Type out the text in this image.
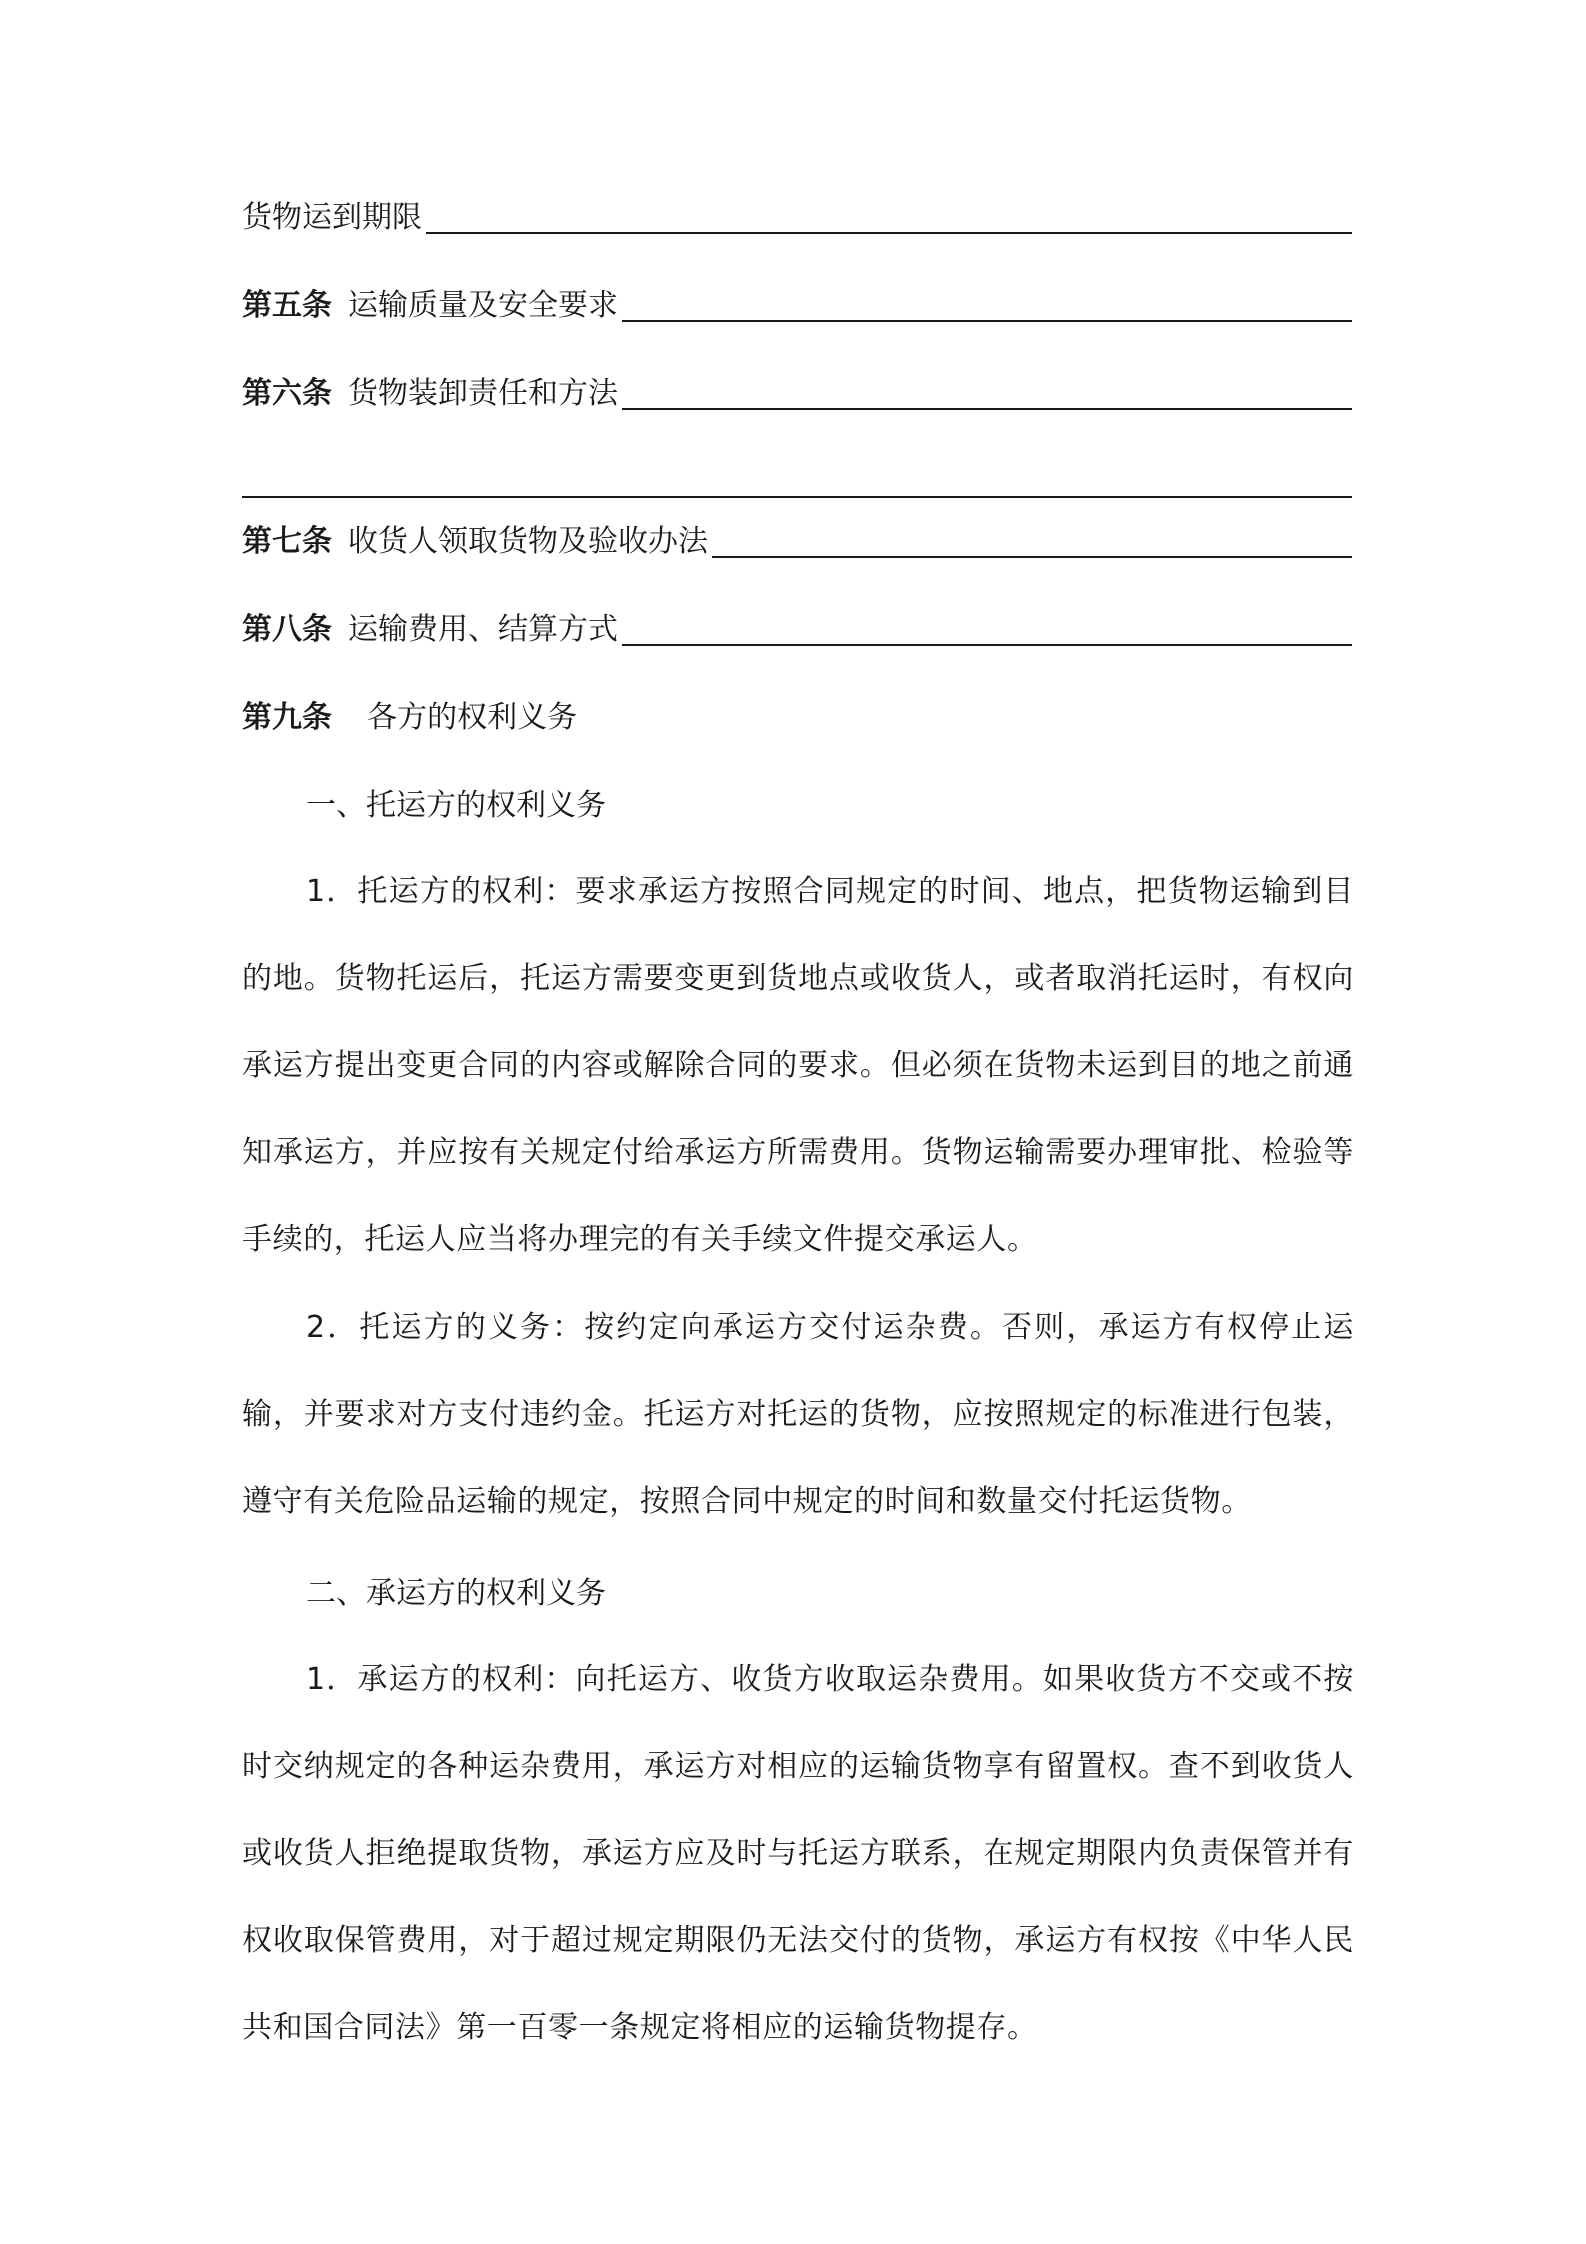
货物运到期限
第五条 运输质量及安全要求
第六条 货物装卸责任和方法
第七条 收货人领取货物及验收办法
第八条 运输费用、结算方式
第九条 各方的权利义务
一、托运方的权利义务

1．托运方的权利：要求承运方按照合同规定的时间、地点，把货物运输到目的地。货物托运后，托运方需要变更到货地点或收货人，或者取消托运时，有权向承运方提出变更合同的内容或解除合同的要求。但必须在货物未运到目的地之前通知承运方，并应按有关规定付给承运方所需费用。货物运输需要办理审批、检验等手续的，托运人应当将办理完的有关手续文件提交承运人。

2．托运方的义务：按约定向承运方交付运杂费。否则，承运方有权停止运输，并要求对方支付违约金。托运方对托运的货物，应按照规定的标准进行包装，遵守有关危险品运输的规定，按照合同中规定的时间和数量交付托运货物。

二、承运方的权利义务

1．承运方的权利：向托运方、收货方收取运杂费用。如果收货方不交或不按时交纳规定的各种运杂费用，承运方对相应的运输货物享有留置权。查不到收货人或收货人拒绝提取货物，承运方应及时与托运方联系，在规定期限内负责保管并有权收取保管费用，对于超过规定期限仍无法交付的货物，承运方有权按《中华人民共和国合同法》第一百零一条规定将相应的运输货物提存。
